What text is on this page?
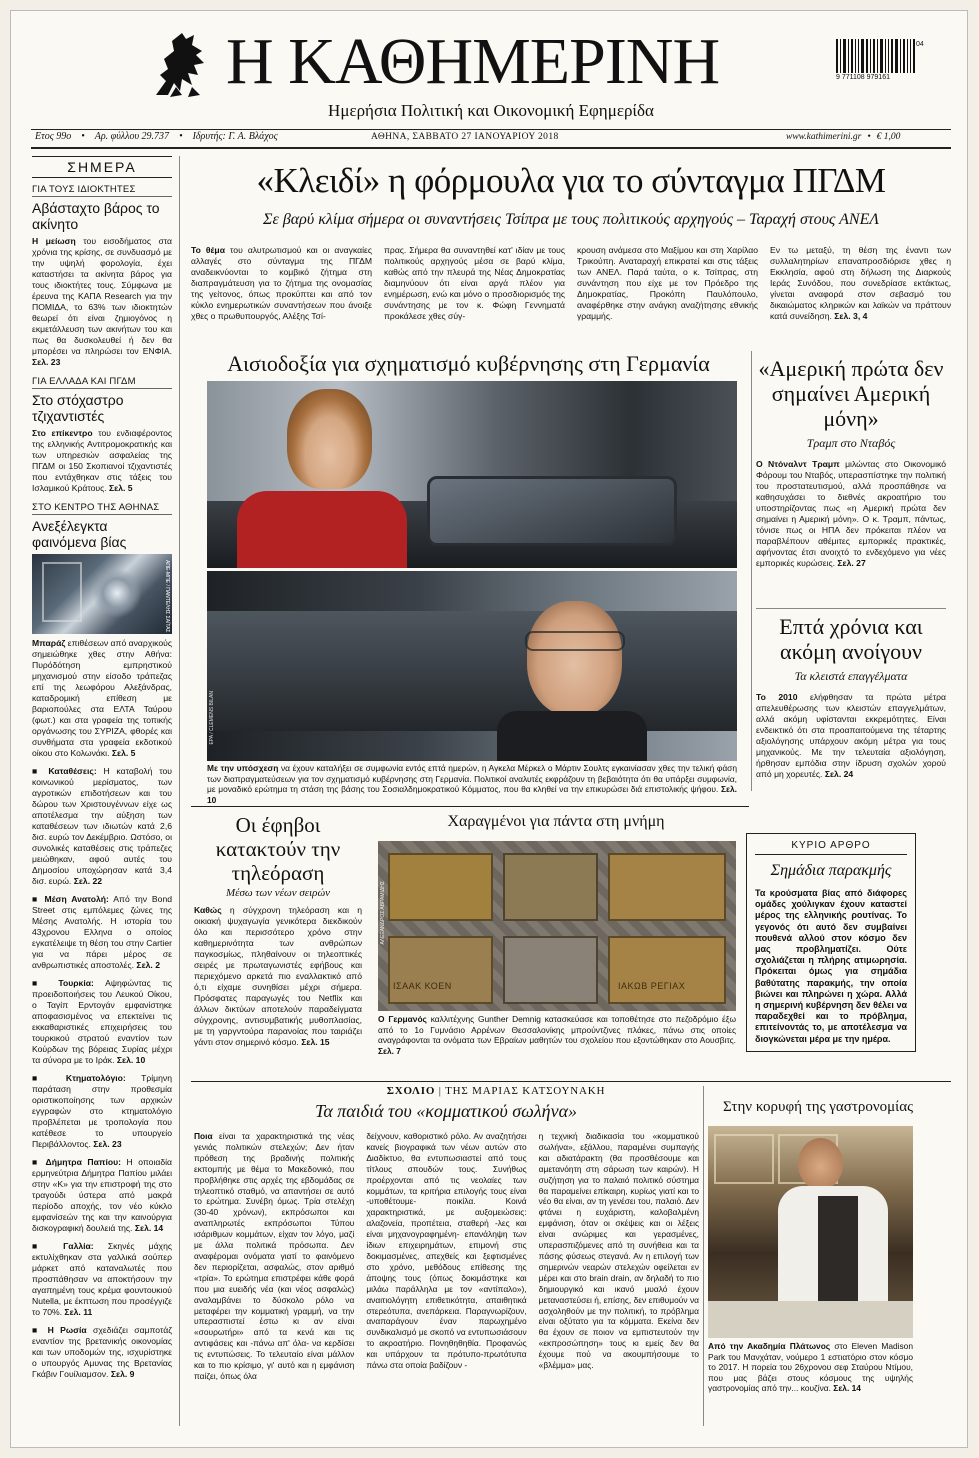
Η ΚΑΘΗΜΕΡΙΝΗ
Ημερήσια Πολιτική και Οικονομική Εφημερίδα
9 771108 979161
04
Ετος 99ο • Αρ. φύλλου 29.737 • Ιδρυτής: Γ. Α. Βλάχος	ΑΘΗΝΑ, ΣΑΒΒΑΤΟ 27 ΙΑΝΟΥΑΡΙΟΥ 2018	www.kathimerini.gr • € 1,00
ΣΗΜΕΡΑ
ΓΙΑ ΤΟΥΣ ΙΔΙΟΚΤΗΤΕΣ
Αβάσταχτο βάρος το ακίνητο
Η μείωση του εισοδήματος στα χρόνια της κρίσης, σε συνδυασμό με την υψηλή φορολογία, έχει καταστήσει τα ακίνητα βάρος για τους ιδιοκτήτες τους. Σύμφωνα με έρευνα της ΚΑΠΑ Research για την ΠΟΜΙΔΑ, το 63% των ιδιοκτητών θεωρεί ότι είναι ζημιογόνος η εκμετάλλευση των ακινήτων του και πως θα δυσκολευθεί ή δεν θα μπορέσει να πληρώσει τον ΕΝΦΙΑ. Σελ. 23
ΓΙΑ ΕΛΛΑΔΑ ΚΑΙ ΠΓΔΜ
Στο στόχαστρο τζιχαντιστές
Στο επίκεντρο του ενδιαφέροντος της ελληνικής Αντιτρομοκρατικής και των υπηρεσιών ασφαλείας της ΠΓΔΜ οι 150 Σκοπιανοί τζιχαντιστές που εντάχθηκαν στις τάξεις του Ισλαμικού Κράτους. Σελ. 5
ΣΤΟ ΚΕΝΤΡΟ ΤΗΣ ΑΘΗΝΑΣ
Ανεξέλεγκτα φαινόμενα βίας
ΑΠΕ-ΜΠΕ / ΠΑΝΤΕΛΗΣ ΣΑΪΤΑΣ
Μπαράζ επιθέσεων από αναρχικούς σημειώθηκε χθες στην Αθήνα: Πυρόδότηση εμπρηστικού μηχανισμού στην είσοδο τράπεζας επί της λεωφόρου Αλεξάνδρας, καταδρομική επίθεση με βαριοπούλες στα ΕΛΤΑ Ταύρου (φωτ.) και στα γραφεία της τοπικής οργάνωσης του ΣΥΡΙΖΑ, φθορές και συνθήματα στα γραφεία εκδοτικού οίκου στο Κολωνάκι. Σελ. 5
■ Καταθέσεις: Η καταβολή του κοινωνικού μερίσματος, των αγροτικών επιδοτήσεων και του δώρου των Χριστουγέννων είχε ως αποτέλεσμα την αύξηση των καταθέσεων των ιδιωτών κατά 2,6 δισ. ευρώ τον Δεκέμβριο. Ωστόσο, οι συνολικές καταθέσεις στις τράπεζες μειώθηκαν, αφού αυτές του Δημοσίου υποχώρησαν κατά 3,4 δισ. ευρώ. Σελ. 22
■ Μέση Ανατολή: Από την Bond Street στις εμπόλεμες ζώνες της Μέσης Ανατολής. Η ιστορία του 43χρονου Ελληνα ο οποίος εγκατέλειψε τη θέση του στην Cartier για να πάρει μέρος σε ανθρωπιστικές αποστολές. Σελ. 2
■ Τουρκία: Αψηφώντας τις προειδοποιήσεις του Λευκού Οίκου, ο Ταγίπ Ερντογάν εμφανίστηκε αποφασισμένος να επεκτείνει τις εκκαθαριστικές επιχειρήσεις του τουρκικού στρατού εναντίον των Κούρδων της βόρειας Συρίας μέχρι τα σύνορα με το Ιράκ. Σελ. 10
■ Κτηματολόγιο: Τρίμηνη παράταση στην προθεσμία οριστικοποίησης των αρχικών εγγραφών στο κτηματολόγιο προβλέπεται με τροπολογία που κατέθεσε το υπουργείο Περιβάλλοντος. Σελ. 23
■ Δήμητρα Παπίου: Η οποιαδία ερμηνεύτρια Δήμητρα Παπίου μιλάει στην «Κ» για την επιστροφή της στο τραγούδι ύστερα από μακρά περίοδο αποχής, τον νέο κύκλο εμφανίσεών της και την καινούργια δισκογραφική δουλειά της. Σελ. 14
■ Γαλλία: Σκηνές μάχης εκτυλίχθηκαν στα γαλλικά σούπερ μάρκετ από καταναλωτές που προσπάθησαν να αποκτήσουν την αγαπημένη τους κρέμα φουντουκιού Nutella, με έκπτωση που προσέγγιζε το 70%. Σελ. 11
■ Η Ρωσία σχεδιάζει σαμποτάζ εναντίον της βρετανικής οικονομίας και των υποδομών της, ισχυρίστηκε ο υπουργός Αμυνας της Βρετανίας Γκάβιν Γουίλιαμσον. Σελ. 9
«Κλειδί» η φόρμουλα για το σύνταγμα ΠΓΔΜ
Σε βαρύ κλίμα σήμερα οι συναντήσεις Τσίπρα με τους πολιτικούς αρχηγούς – Ταραχή στους ΑΝΕΛ
Το θέμα του αλυτρωτισμού και οι αναγκαίες αλλαγές στο σύνταγμα της ΠΓΔΜ αναδεικνύονται το κομβικό ζήτημα στη διαπραγμάτευση για το ζήτημα της ονομασίας της γείτονος, όπως προκύπτει και από τον κύκλο ενημερωτικών συναντήσεων που άνοιξε χθες ο πρωθυπουργός, Αλέξης Τσί-
πρας. Σήμερα θα συναντηθεί κατ' ιδίαν με τους πολιτικούς αρχηγούς μέσα σε βαρύ κλίμα, καθώς από την πλευρά της Νέας Δημοκρατίας διαμηνύουν ότι είναι αργά πλέον για ενημέρωση, ενώ και μόνο ο προσδιορισμός της συνάντησης με τον κ. Φώφη Γεννηματά προκάλεσε χθες σύγ-
κρουση ανάμεσα στο Μαξίμου και στη Χαρίλαο Τρικούπη. Αναταραχή επικρατεί και στις τάξεις των ΑΝΕΛ. Παρά ταύτα, ο κ. Τσίπρας, στη συνάντηση που είχε με τον Πρόεδρο της Δημοκρατίας, Προκόπη Παυλόπουλο, αναφέρθηκε στην ανάγκη αναζήτησης εθνικής γραμμής.
Εν τω μεταξύ, τη θέση της έναντι των συλλαλητηρίων επαναπροσδιόρισε χθες η Εκκλησία, αφού στη δήλωση της Διαρκούς Ιεράς Συνόδου, που συνεδρίασε εκτάκτως, γίνεται αναφορά στον σεβασμό του δικαιώματος κληρικών και λαϊκών να πράττουν κατά συνείδηση. Σελ. 3, 4
Αισιοδοξία για σχηματισμό κυβέρνησης στη Γερμανία
EPA / CLEMENS BILAN
Με την υπόσχεση να έχουν καταλήξει σε συμφωνία εντός επτά ημερών, η Αγκελα Μέρκελ ο Μάρτιν Σουλτς εγκαινίασαν χθες την τελική φάση των διαπραγματεύσεων για τον σχηματισμό κυβέρνησης στη Γερμανία. Πολιτικοί αναλυτές εκφράζουν τη βεβαιότητα ότι θα υπάρξει συμφωνία, με μοναδικό ερώτημα τη στάση της βάσης του Σοσιαλδημοκρατικού Κόμματος, που θα κληθεί να την επικυρώσει διά επιστολικής ψήφου. Σελ. 10
«Αμερική πρώτα δεν σημαίνει Αμερική μόνη»
Τραμπ στο Νταβός
Ο Ντόναλντ Τραμπ μιλώντας στο Οικονομικό Φόρουμ του Νταβός, υπερασπίστηκε την πολιτική του προστατευτισμού, αλλά προσπάθησε να καθησυχάσει το διεθνές ακροατήριο του υποστηρίζοντας πως «η Αμερική πρώτα δεν σημαίνει η Αμερική μόνη». Ο κ. Τραμπ, πάντως, τόνισε πως οι ΗΠΑ δεν πρόκειται πλέον να παραβλέπουν αθέμιτες εμπορικές πρακτικές, αφήνοντας έτσι ανοιχτό το ενδεχόμενο για νέες εμπορικές κυρώσεις. Σελ. 27
Επτά χρόνια και ακόμη ανοίγουν
Τα κλειστά επαγγέλματα
Το 2010 ελήφθησαν τα πρώτα μέτρα απελευθέρωσης των κλειστών επαγγελμάτων, αλλά ακόμη υφίστανται εκκρεμότητες. Είναι ενδεικτικό ότι στα προαπαιτούμενα της τέταρτης αξιολόγησης υπάρχουν ακόμη μέτρα για τους μηχανικούς. Με την τελευταία αξιολόγηση, ήρθησαν εμπόδια στην ίδρυση σχολών χορού από μη χορευτές. Σελ. 24
Οι έφηβοι κατακτούν την τηλεόραση
Μέσω των νέων σειρών
Καθώς η σύγχρονη τηλεόραση και η οικιακή ψυχαγωγία γενικότερα διεκδικούν όλο και περισσότερο χρόνο στην καθημερινότητα των ανθρώπων παγκοσμίως, πληθαίνουν οι τηλεοπτικές σειρές με πρωταγωνιστές εφήβους και περιεχόμενο αρκετά πιο εναλλακτικό από ό,τι είχαμε συνηθίσει μέχρι σήμερα. Πρόσφατες παραγωγές του Netflix και άλλων δικτύων αποτελούν παραδείγματα σύγχρονης, αντισυμβατικής μυθοπλασίας, με τη γαργντούρα παρανοίας που ταιριάζει γάντι στον σημερινό κόσμο. Σελ. 15
Χαραγμένοι για πάντα στη μνήμη
ΙΣΑΑΚ ΚΟΕΝ	ΙΑΚΩΒ ΡΕΓΙΑΧ
ΑΛΕΞΑΝΔΡΟΣ ΑΒΡΑΜΙΔΗΣ
Ο Γερμανός καλλιτέχνης Gunther Demnig κατασκεύασε και τοποθέτησε στο πεζοδρόμιο έξω από το 1ο Γυμνάσιο Αρρένων Θεσσαλονίκης μπρούντζινες πλάκες, πάνω στις οποίες αναγράφονται τα ονόματα των Εβραίων μαθητών του σχολείου που εξοντώθηκαν στο Αουσβιτς. Σελ. 7
ΚΥΡΙΟ ΑΡΘΡΟ
Σημάδια παρακμής
Τα κρούσματα βίας από διάφορες ομάδες χούλιγκαν έχουν καταστεί μέρος της ελληνικής ρουτίνας. Το γεγονός ότι αυτό δεν συμβαίνει πουθενά αλλού στον κόσμο δεν μας προβληματίζει. Ούτε σχολιάζεται η πλήρης ατιμωρησία. Πρόκειται όμως για σημάδια βαθύτατης παρακμής, την οποία βιώνει και πληρώνει η χώρα. Αλλά η σημερινή κυβέρνηση δεν θέλει να παραδεχθεί και το πρόβλημα, επιτείνοντάς το, με αποτέλεσμα να διογκώνεται μέρα με την ημέρα.
ΣΧΟΛΙΟ | ΤΗΣ ΜΑΡΙΑΣ ΚΑΤΣΟΥΝΑΚΗ
Τα παιδιά του «κομματικού σωλήνα»
Ποια είναι τα χαρακτηριστικά της νέας γενιάς πολιτικών στελεχών; Δεν ήταν πρόθεση της βραδινής πολιτικής εκπομπής με θέμα το Μακεδονικό, που προβλήθηκε στις αρχές της εβδομάδας σε τηλεοπτικό σταθμό, να απαντήσει σε αυτό το ερώτημα. Συνέβη όμως. Τρία στελέχη (30-40 χρόνων), εκπρόσωποι και αναπληρωτές εκπρόσωποι Τύπου ισάριθμων κομμάτων, είχαν τον λόγο, μαζί με άλλα πολιτικά πρόσωπα. Δεν αναφέρομαι ονόματα γιατί το φαινόμενο δεν περιορίζεται, ασφαλώς, στον αριθμό «τρία». Το ερώτημα επιστρέφει κάθε φορά που μια ευειδής νέα (και νέος ασφαλώς) αναλαμβάνει το δύσκολο ρόλο να μεταφέρει την κομματική γραμμή, να την υπερασπιστεί έστω κι αν είναι «σουρωτήρι» από τα κενά και τις αντιφάσεις και -πάνω απ' όλα- να κερδίσει τις εντυπώσεις. Το τελευταίο είναι μάλλον και το πιο κρίσιμο, γι' αυτό και η εμφάνιση παίζει, όπως όλα
δείχνουν, καθοριστικό ρόλο. Αν αναζητήσει κανείς βιογραφικά των νέων αυτών στο Διαδίκτυο, θα εντυπωσιαστεί από τους τίτλους σπουδών τους. Συνήθως προέρχονται από τις νεολαίες των κομμάτων, τα κριτήρια επιλογής τους είναι -υποθέτουμε- ποικίλα. Κοινά χαρακτηριστικά, με αυξομειώσεις: αλαζονεία, προπέτεια, σταθερή -λες και είναι μηχανογραφημένη- επανάληψη των ίδιων επιχειρημάτων, επιμονή στις δοκιμασμένες, απεχθείς και ξεφτισμένες στο χρόνο, μεθόδους επίθεσης της άποψης τους (όπως δοκιμάστηκε και μιλάω παράλληλα με τον «αντίπαλο»), αναιτιολόγητη επιθετικότητα, απαιθητικά στερεότυπα, ανεπάρκεια. Παραγνωρίζουν, αναπαράγουν έναν παρωχημένο συνδικαλισμό με σκοπό να εντυπωσιάσουν το ακροατήριο. Πονηθηθηθία. Προφανώς και υπάρχουν τα πρότυπο-πρωτότυπα πάνω στα οποία βαδίζουν -
η τεχνική διαδικασία του «κομματικού σωλήνα», εξάλλου, παραμένει συμπαγής και αδιατάρακτη (θα προσθέσουμε και αμετανόητη στη σάρωση των καιρών). Η συζήτηση για το παλαιό πολιτικό σύστημα θα παραμείνει επίκαιρη, κυρίως γιατί και το νέο θα είναι, αν τη γενέσει του, παλαιό. Δεν φτάνει η ευχάριστη, καλοβαλμένη εμφάνιση, όταν οι σκέψεις και οι λέξεις είναι ανώριμες και γερασμένες, υπερασπιζόμενες από τη συνήθεια και τα πάσης φύσεως στεγανά. Αν η επιλογή των σημερινών νεαρών στελεχών οφείλεται εν μέρει και στο brain drain, αν δηλαδή το πιο δημιουργικό και ικανό μυαλό έχουν μεταναστεύσει ή, επίσης, δεν επιθυμούν να ασχοληθούν με την πολιτική, το πρόβλημα είναι οξύτατο για τα κόμματα. Εκείνα δεν θα έχουν σε ποιον να εμπιστευτούν την «εκπροσώπηση» τους κι εμείς δεν θα έχουμε πού να ακουμπήσουμε το «βλέμμα» μας.
Στην κορυφή της γαστρονομίας
Από την Ακαδημία Πλάτωνος στο Eleven Madison Park του Μανχάταν, νούμερο 1 εστιατόριο στον κόσμο το 2017. Η πορεία του 26χρονου σεφ Σταύρου Ντίμου, που μας βάζει στους κόσμους της υψηλής γαστρονομίας από την... κουζίνα. Σελ. 14
